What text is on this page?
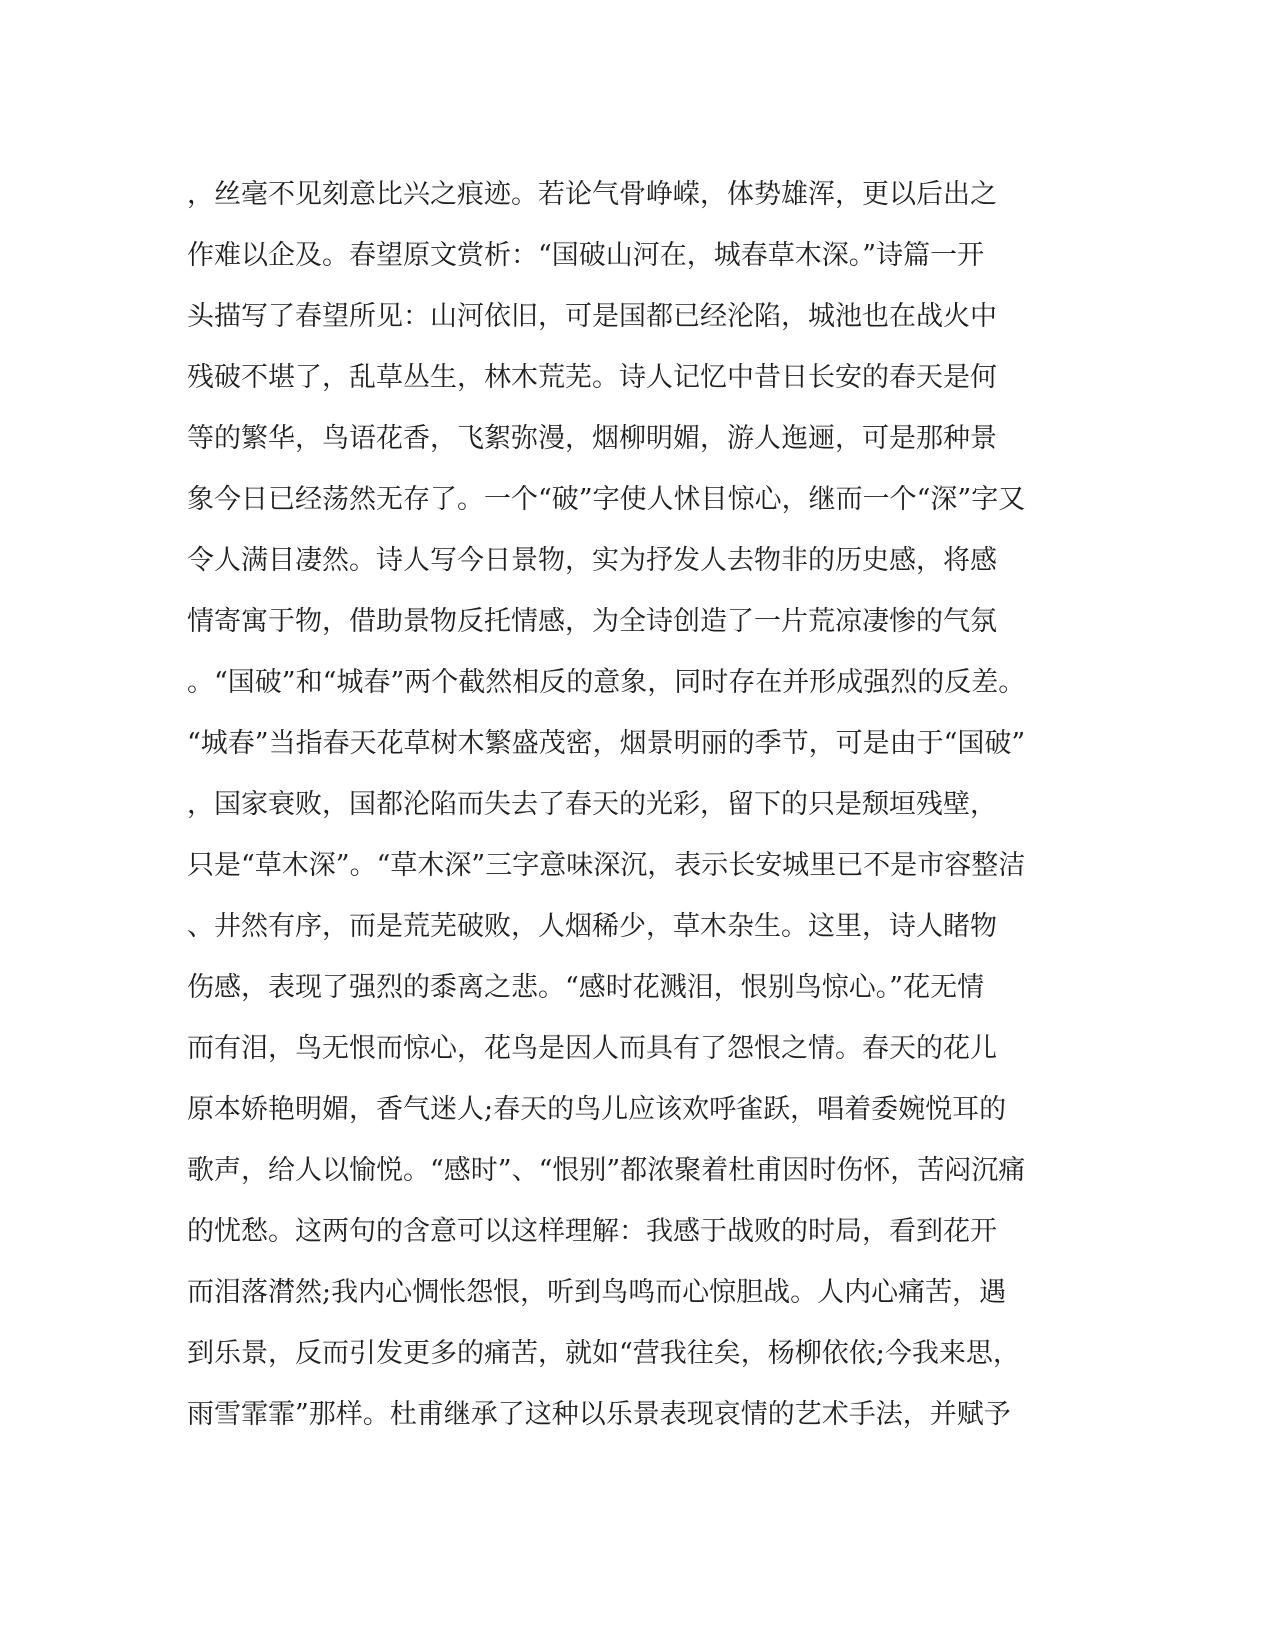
，丝毫不见刻意比兴之痕迹。若论气骨峥嵘，体势雄浑，更以后出之
作难以企及。春望原文赏析：“国破山河在，城春草木深。”诗篇一开
头描写了春望所见：山河依旧，可是国都已经沦陷，城池也在战火中
残破不堪了，乱草丛生，林木荒芜。诗人记忆中昔日长安的春天是何
等的繁华，鸟语花香，飞絮弥漫，烟柳明媚，游人迤逦，可是那种景
象今日已经荡然无存了。一个“破”字使人怵目惊心，继而一个“深”字又
令人满目凄然。诗人写今日景物，实为抒发人去物非的历史感，将感
情寄寓于物，借助景物反托情感，为全诗创造了一片荒凉凄惨的气氛
。“国破”和“城春”两个截然相反的意象，同时存在并形成强烈的反差。
“城春”当指春天花草树木繁盛茂密，烟景明丽的季节，可是由于“国破”
，国家衰败，国都沦陷而失去了春天的光彩，留下的只是颓垣残壁，
只是“草木深”。“草木深”三字意味深沉，表示长安城里已不是市容整洁
、井然有序，而是荒芜破败，人烟稀少，草木杂生。这里，诗人睹物
伤感，表现了强烈的黍离之悲。“感时花溅泪，恨别鸟惊心。”花无情
而有泪，鸟无恨而惊心，花鸟是因人而具有了怨恨之情。春天的花儿
原本娇艳明媚，香气迷人;春天的鸟儿应该欢呼雀跃，唱着委婉悦耳的
歌声，给人以愉悦。“感时”、“恨别”都浓聚着杜甫因时伤怀，苦闷沉痛
的忧愁。这两句的含意可以这样理解：我感于战败的时局，看到花开
而泪落潸然;我内心惆怅怨恨，听到鸟鸣而心惊胆战。人内心痛苦，遇
到乐景，反而引发更多的痛苦，就如“营我往矣，杨柳依依;今我来思，
雨雪霏霏”那样。杜甫继承了这种以乐景表现哀情的艺术手法，并赋予
